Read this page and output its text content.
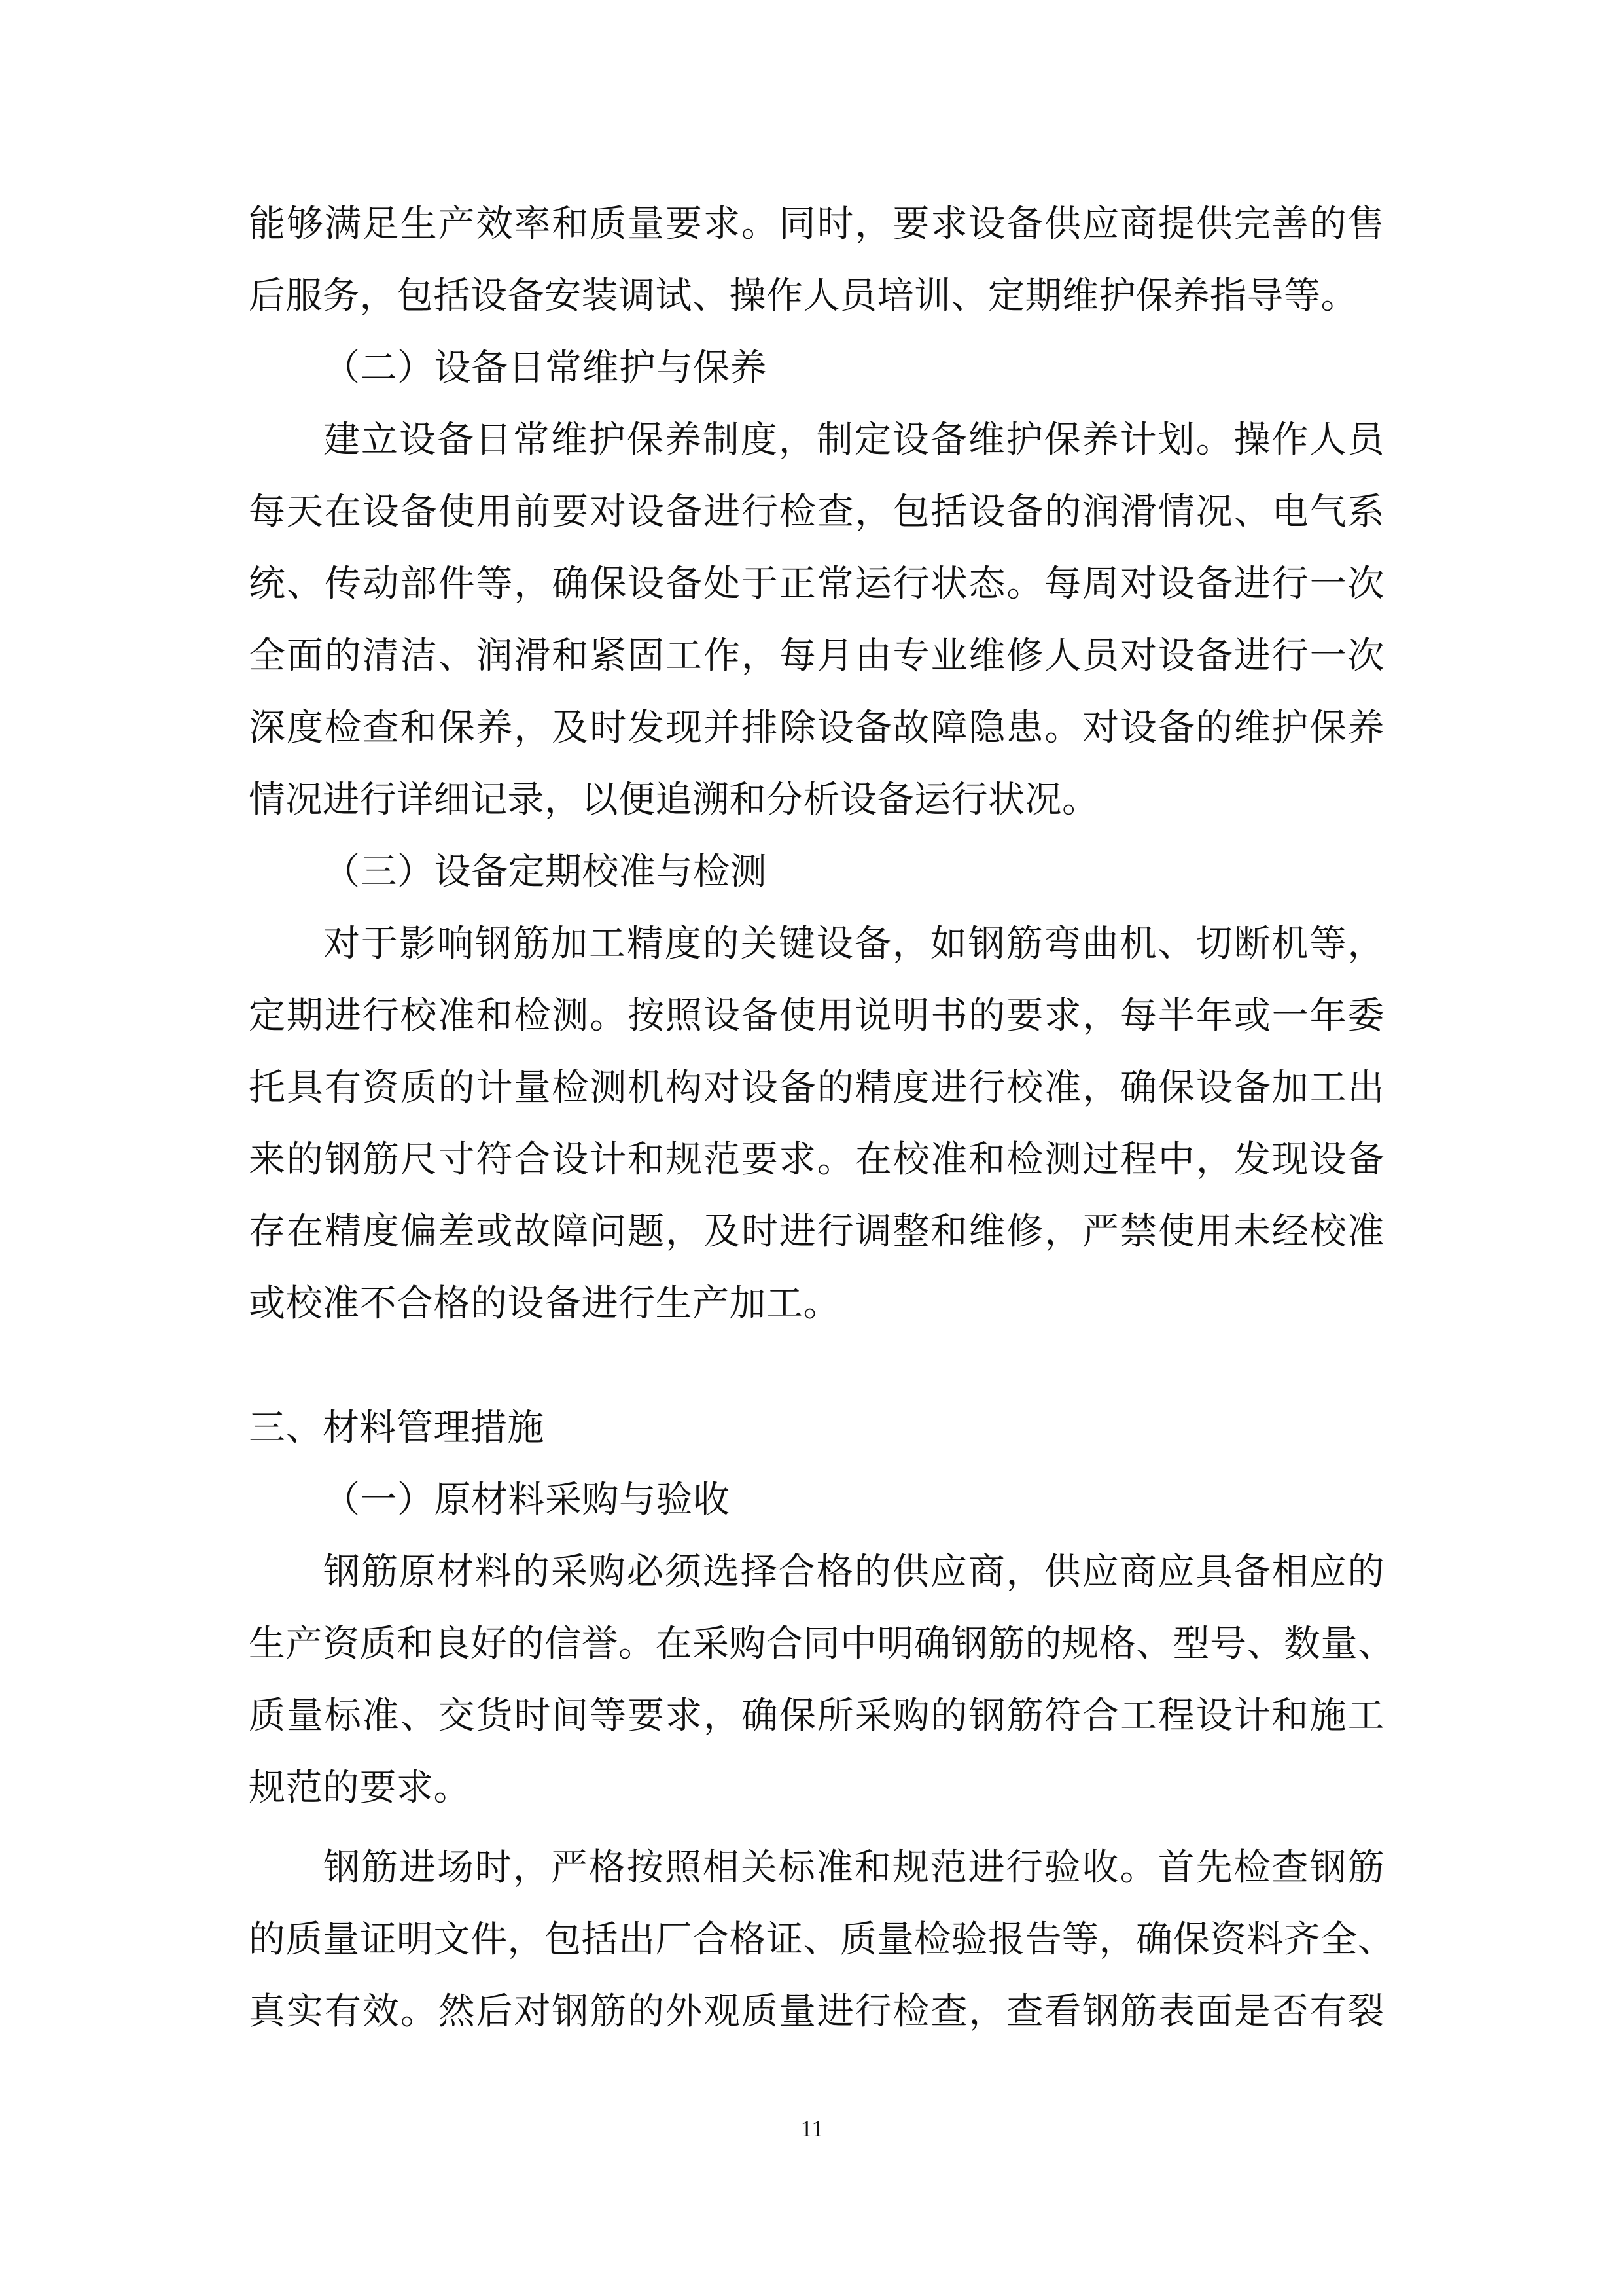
能够满足生产效率和质量要求。同时，要求设备供应商提供完善的售
后服务，包括设备安装调试、操作人员培训、定期维护保养指导等。
（二）设备日常维护与保养
建立设备日常维护保养制度，制定设备维护保养计划。操作人员
每天在设备使用前要对设备进行检查，包括设备的润滑情况、电气系
统、传动部件等，确保设备处于正常运行状态。每周对设备进行一次
全面的清洁、润滑和紧固工作，每月由专业维修人员对设备进行一次
深度检查和保养，及时发现并排除设备故障隐患。对设备的维护保养
情况进行详细记录，以便追溯和分析设备运行状况。
（三）设备定期校准与检测
对于影响钢筋加工精度的关键设备，如钢筋弯曲机、切断机等，
定期进行校准和检测。按照设备使用说明书的要求，每半年或一年委
托具有资质的计量检测机构对设备的精度进行校准，确保设备加工出
来的钢筋尺寸符合设计和规范要求。在校准和检测过程中，发现设备
存在精度偏差或故障问题，及时进行调整和维修，严禁使用未经校准
或校准不合格的设备进行生产加工。
三、材料管理措施
（一）原材料采购与验收
钢筋原材料的采购必须选择合格的供应商，供应商应具备相应的
生产资质和良好的信誉。在采购合同中明确钢筋的规格、型号、数量、
质量标准、交货时间等要求，确保所采购的钢筋符合工程设计和施工
规范的要求。
钢筋进场时，严格按照相关标准和规范进行验收。首先检查钢筋
的质量证明文件，包括出厂合格证、质量检验报告等，确保资料齐全、
真实有效。然后对钢筋的外观质量进行检查，查看钢筋表面是否有裂
11
